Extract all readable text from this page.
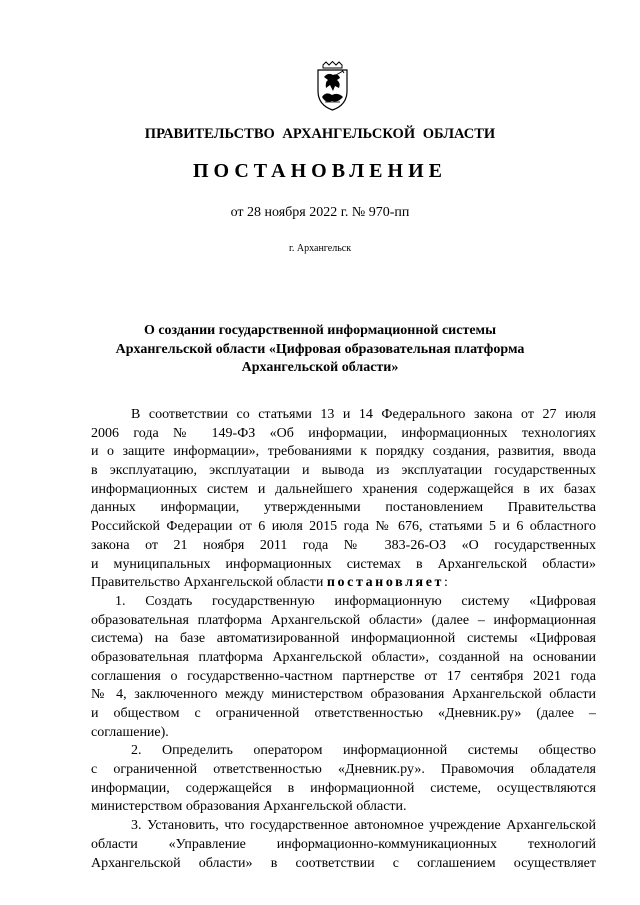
ПРАВИТЕЛЬСТВО АРХАНГЕЛЬСКОЙ ОБЛАСТИ
ПОСТАНОВЛЕНИЕ
от 28 ноября 2022 г. № 970-пп
г. Архангельск
О создании государственной информационной системы
Архангельской области «Цифровая образовательная платформа
Архангельской области»
В соответствии со статьями 13 и 14 Федерального закона от 27 июля
2006 года № 149-ФЗ «Об информации, информационных технологиях
и о защите информации», требованиями к порядку создания, развития, ввода
в эксплуатацию, эксплуатации и вывода из эксплуатации государственных
информационных систем и дальнейшего хранения содержащейся в их базах
данных информации, утвержденными постановлением Правительства
Российской Федерации от 6 июля 2015 года № 676, статьями 5 и 6 областного
закона от 21 ноября 2011 года № 383-26-ОЗ «О государственных
и муниципальных информационных системах в Архангельской области»
Правительство Архангельской области постановляет:
1. Создать государственную информационную систему «Цифровая
образовательная платформа Архангельской области» (далее – информационная
система) на базе автоматизированной информационной системы «Цифровая
образовательная платформа Архангельской области», созданной на основании
соглашения о государственно-частном партнерстве от 17 сентября 2021 года
№ 4, заключенного между министерством образования Архангельской области
и обществом с ограниченной ответственностью «Дневник.ру» (далее –
соглашение).
2. Определить оператором информационной системы общество
с ограниченной ответственностью «Дневник.ру». Правомочия обладателя
информации, содержащейся в информационной системе, осуществляются
министерством образования Архангельской области.
3. Установить, что государственное автономное учреждение Архангельской
области «Управление информационно-коммуникационных технологий
Архангельской области» в соответствии с соглашением осуществляет
